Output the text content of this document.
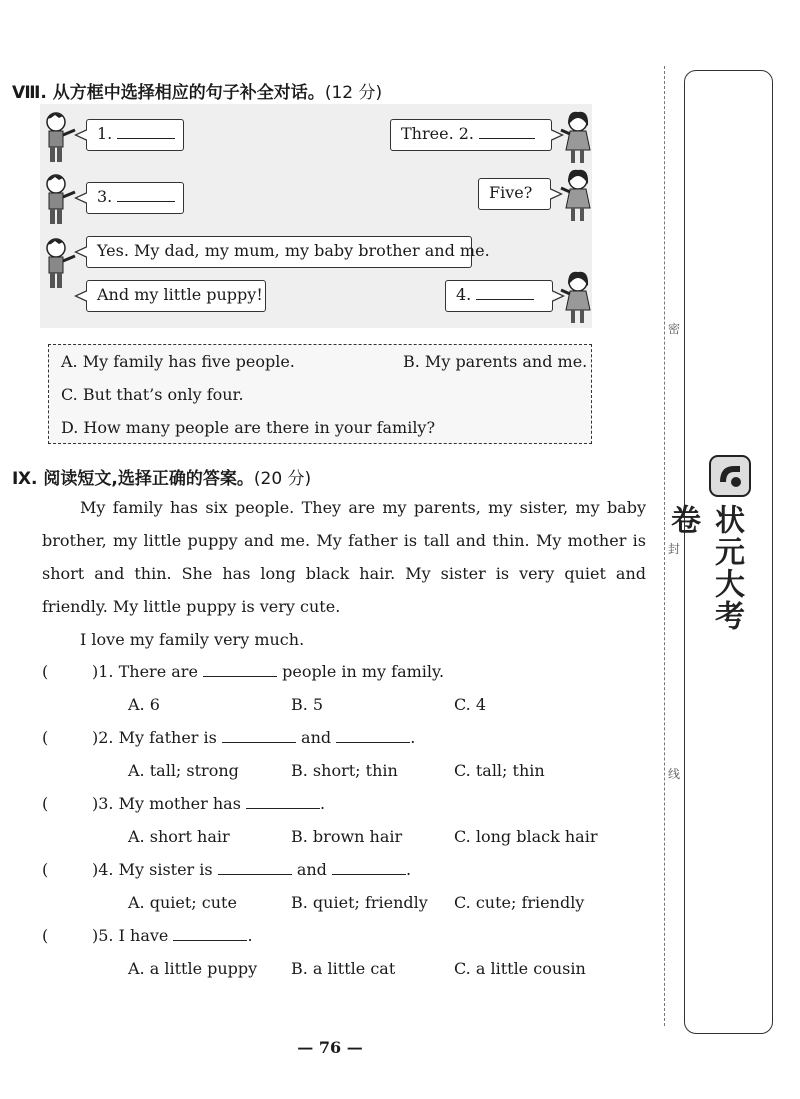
Ⅷ. 从方框中选择相应的句子补全对话。(12 分)
1.	Three. 2.
3.	Five?
Yes. My dad, my mum, my baby brother and me.
And my little puppy!	4.
A. My family has five people.	B. My parents and me.
C. But that’s only four.
D. How many people are there in your family?
Ⅸ. 阅读短文,选择正确的答案。(20 分)
My family has six people. They are my parents, my sister, my baby brother, my little puppy and me. My father is tall and thin. My mother is short and thin. She has long black hair. My sister is very quiet and friendly. My little puppy is very cute.
I love my family very much.
(	)1. There are	people in my family.
A. 6	B. 5	C. 4
(	)2. My father is	and	.
A. tall; strong	B. short; thin	C. tall; thin
(	)3. My mother has	.
A. short hair	B. brown hair	C. long black hair
(	)4. My sister is	and	.
A. quiet; cute	B. quiet; friendly C. cute; friendly
(	)5. I have	.
A. a little puppy B. a little cat	C. a little cousin
密
封
线
状元大考卷
— 76 —
